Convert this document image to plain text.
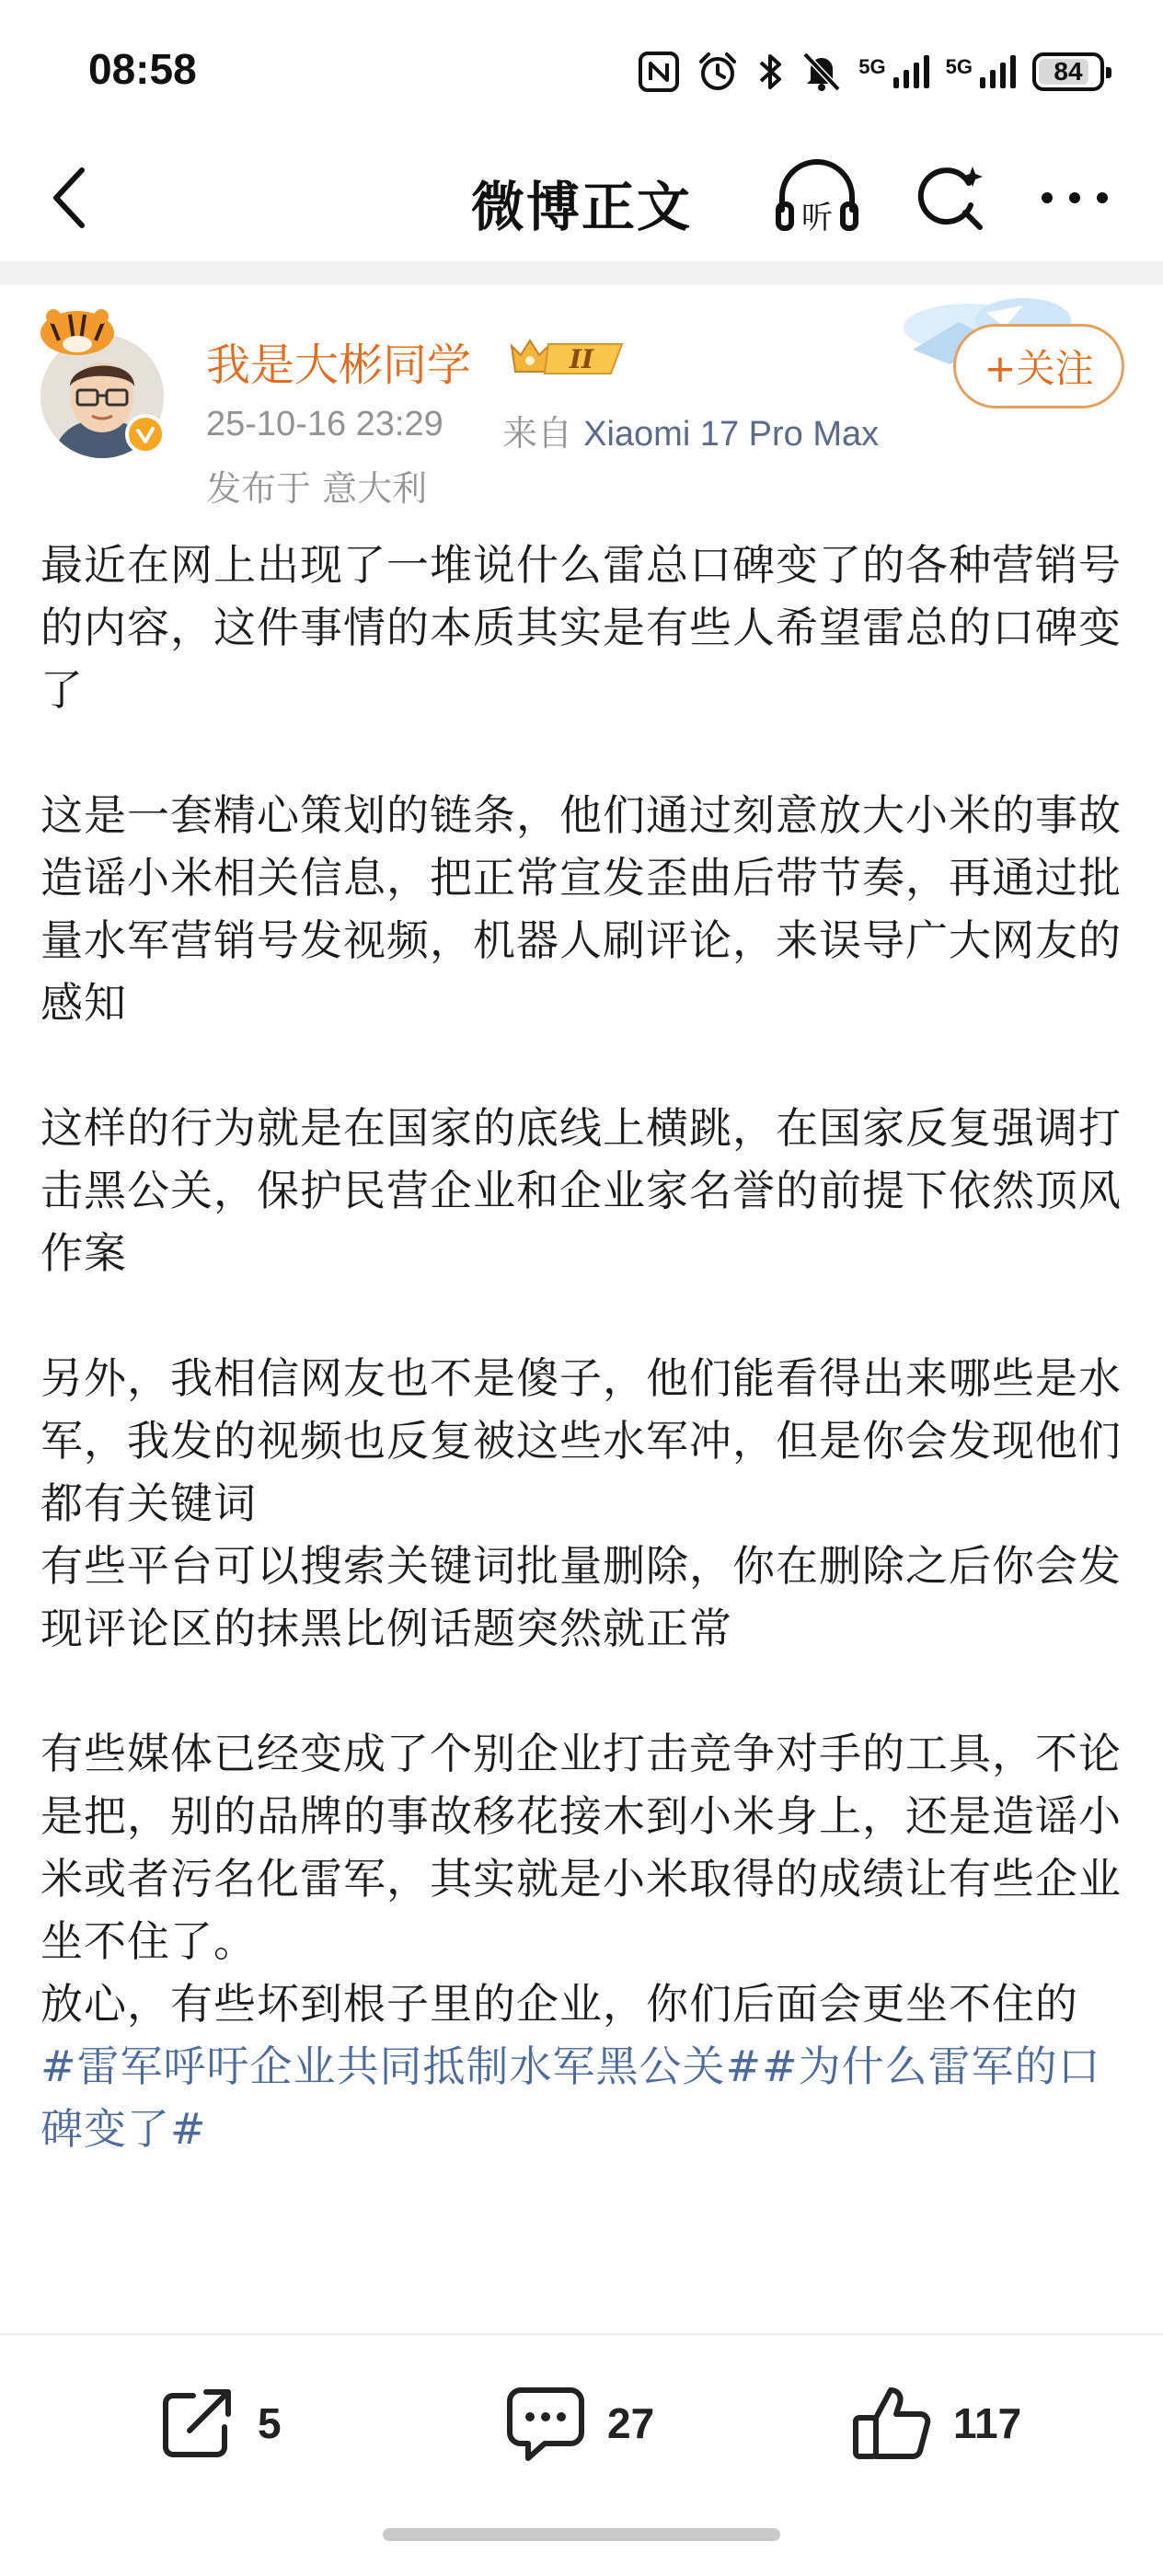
08:58	5G	5G	84
微博正文	听
我是大彬同学	II
25-10-16 23:29 来自 Xiaomi 17 Pro Max
发布于 意大利
+关注

最近在网上出现了一堆说什么雷总口碑变了的各种营销号的内容，这件事情的本质其实是有些人希望雷总的口碑变了

这是一套精心策划的链条，他们通过刻意放大小米的事故造谣小米相关信息，把正常宣发歪曲后带节奏，再通过批量水军营销号发视频，机器人刷评论，来误导广大网友的感知

这样的行为就是在国家的底线上横跳，在国家反复强调打击黑公关，保护民营企业和企业家名誉的前提下依然顶风作案

另外，我相信网友也不是傻子，他们能看得出来哪些是水军，我发的视频也反复被这些水军冲，但是你会发现他们都有关键词

有些平台可以搜索关键词批量删除，你在删除之后你会发现评论区的抹黑比例话题突然就正常

有些媒体已经变成了个别企业打击竞争对手的工具，不论是把，别的品牌的事故移花接木到小米身上，还是造谣小米或者污名化雷军，其实就是小米取得的成绩让有些企业坐不住了。

放心，有些坏到根子里的企业，你们后面会更坐不住的

#雷军呼吁企业共同抵制水军黑公关##为什么雷军的口碑变了#

5	27	117
